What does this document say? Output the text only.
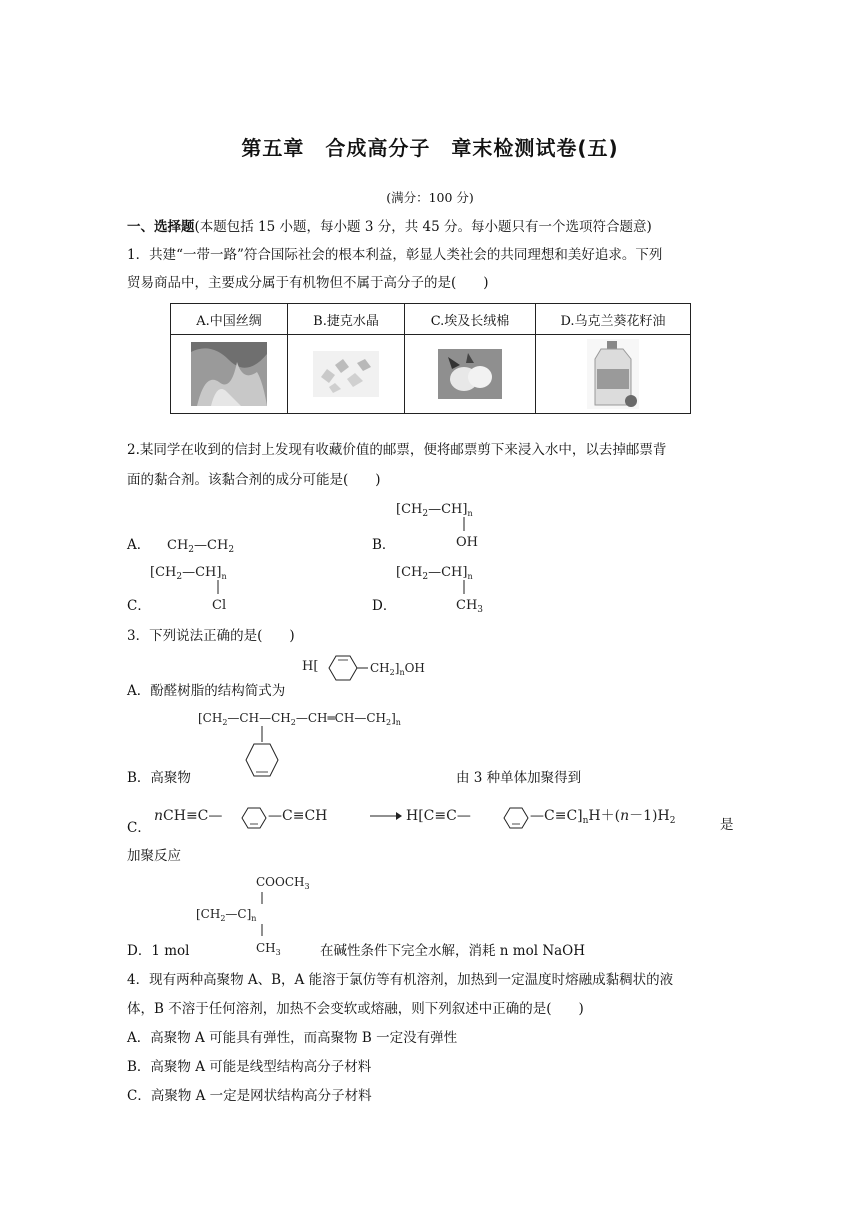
第五章　合成高分子　章末检测试卷(五)
(满分：100 分)
一、选择题(本题包括 15 小题，每小题 3 分，共 45 分。每小题只有一个选项符合题意)
1．共建“一带一路”符合国际社会的根本利益，彰显人类社会的共同理想和美好追求。下列
贸易商品中，主要成分属于有机物但不属于高分子的是(　　)
A.中国丝绸	B.捷克水晶	C.埃及长绒棉	D.乌克兰葵花籽油

2.某同学在收到的信封上发现有收藏价值的邮票，便将邮票剪下来浸入水中，以去掉邮票背
面的黏合剂。该黏合剂的成分可能是(　　)
A． $CH_2—CH_2$	B．
$[CH_2—CH]_n$
OH
$[CH_2—CH]_n$
Cl
C．
$[CH_2—CH]_n$
$CH_3$
D．
3．下列说法正确的是(　　)
H[	$CH_2]_nOH$
A．酚醛树脂的结构简式为
$[CH_2—CH—CH_2—CH═CH—CH_2]_n$
B．高聚物	由 3 种单体加聚得到
nCH≡C—	—C≡CH	H[C≡C—	$—C\equiv C]_nH+(n-1)H_2$
C．	是
加聚反应
$COOCH_3$
$[CH_2—C]_n$
$CH_3$
D．1 mol	在碱性条件下完全水解，消耗 n mol NaOH
4．现有两种高聚物 A、B，A 能溶于氯仿等有机溶剂，加热到一定温度时熔融成黏稠状的液
体，B 不溶于任何溶剂，加热不会变软或熔融，则下列叙述中正确的是(　　)
A．高聚物 A 可能具有弹性，而高聚物 B 一定没有弹性
B．高聚物 A 可能是线型结构高分子材料
C．高聚物 A 一定是网状结构高分子材料
